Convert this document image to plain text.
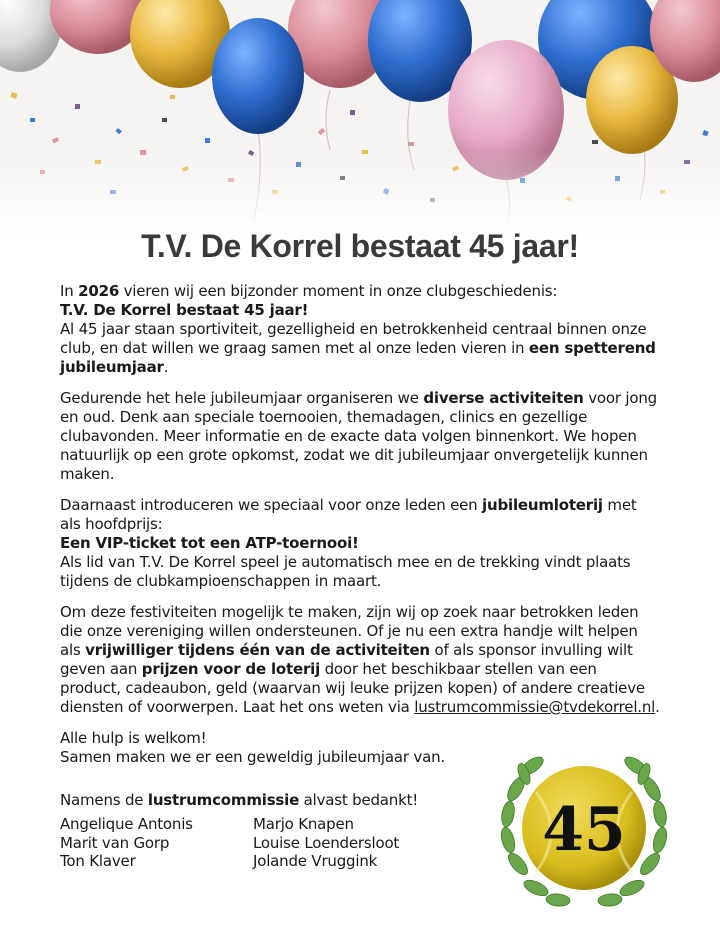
T.V. De Korrel bestaat 45 jaar!

In 2026 vieren wij een bijzonder moment in onze clubgeschiedenis:
T.V. De Korrel bestaat 45 jaar!
Al 45 jaar staan sportiviteit, gezelligheid en betrokkenheid centraal binnen onze club, en dat willen we graag samen met al onze leden vieren in een spetterend jubileumjaar.

Gedurende het hele jubileumjaar organiseren we diverse activiteiten voor jong en oud. Denk aan speciale toernooien, themadagen, clinics en gezellige clubavonden. Meer informatie en de exacte data volgen binnenkort. We hopen natuurlijk op een grote opkomst, zodat we dit jubileumjaar onvergetelijk kunnen maken.

Daarnaast introduceren we speciaal voor onze leden een jubileumloterij met als hoofdprijs:
Een VIP-ticket tot een ATP-toernooi!
Als lid van T.V. De Korrel speel je automatisch mee en de trekking vindt plaats tijdens de clubkampioenschappen in maart.

Om deze festiviteiten mogelijk te maken, zijn wij op zoek naar betrokken leden die onze vereniging willen ondersteunen. Of je nu een extra handje wilt helpen als vrijwilliger tijdens één van de activiteiten of als sponsor invulling wilt geven aan prijzen voor de loterij door het beschikbaar stellen van een product, cadeaubon, geld (waarvan wij leuke prijzen kopen) of andere creatieve diensten of voorwerpen. Laat het ons weten via lustrumcommissie@tvdekorrel.nl.

Alle hulp is welkom!
Samen maken we er een geweldig jubileumjaar van.

Namens de lustrumcommissie alvast bedankt!

Angelique Antonis
Marit van Gorp
Ton Klaver
Marjo Knapen
Louise Loendersloot
Jolande Vruggink	45
